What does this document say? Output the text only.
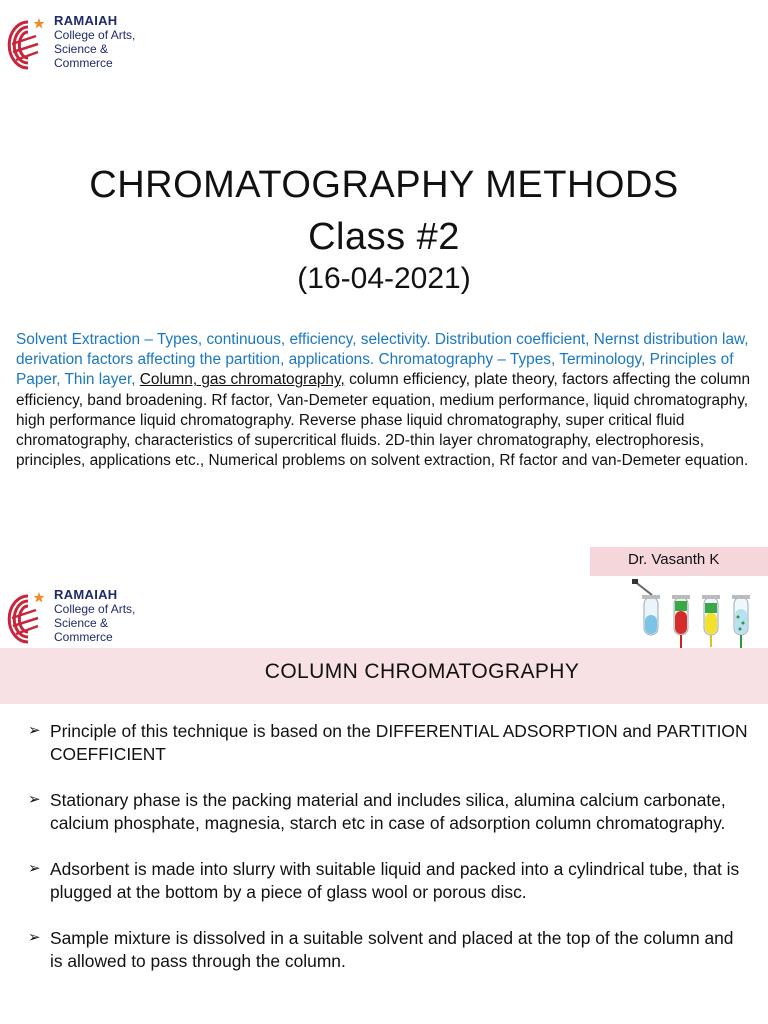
RAMAIAH
College of Arts,
Science &
Commerce
CHROMATOGRAPHY METHODS
Class #2
(16-04-2021)
Solvent Extraction – Types, continuous, efficiency, selectivity. Distribution coefficient, Nernst distribution law, derivation factors affecting the partition, applications. Chromatography – Types, Terminology, Principles of Paper, Thin layer, Column, gas chromatography, column efficiency, plate theory, factors affecting the column efficiency, band broadening. Rf factor, Van-Demeter equation, medium performance, liquid chromatography, high performance liquid chromatography. Reverse phase liquid chromatography, super critical fluid chromatography, characteristics of supercritical fluids. 2D-thin layer chromatography, electrophoresis, principles, applications etc., Numerical problems on solvent extraction, Rf factor and van-Demeter equation.
Dr. Vasanth K
RAMAIAH
College of Arts,
Science &
Commerce
COLUMN CHROMATOGRAPHY
➢ Principle of this technique is based on the DIFFERENTIAL ADSORPTION and PARTITION COEFFICIENT
➢ Stationary phase is the packing material and includes silica, alumina calcium carbonate, calcium phosphate, magnesia, starch etc in case of adsorption column chromatography.
➢ Adsorbent is made into slurry with suitable liquid and packed into a cylindrical tube, that is plugged at the bottom by a piece of glass wool or porous disc.
➢ Sample mixture is dissolved in a suitable solvent and placed at the top of the column and is allowed to pass through the column.
